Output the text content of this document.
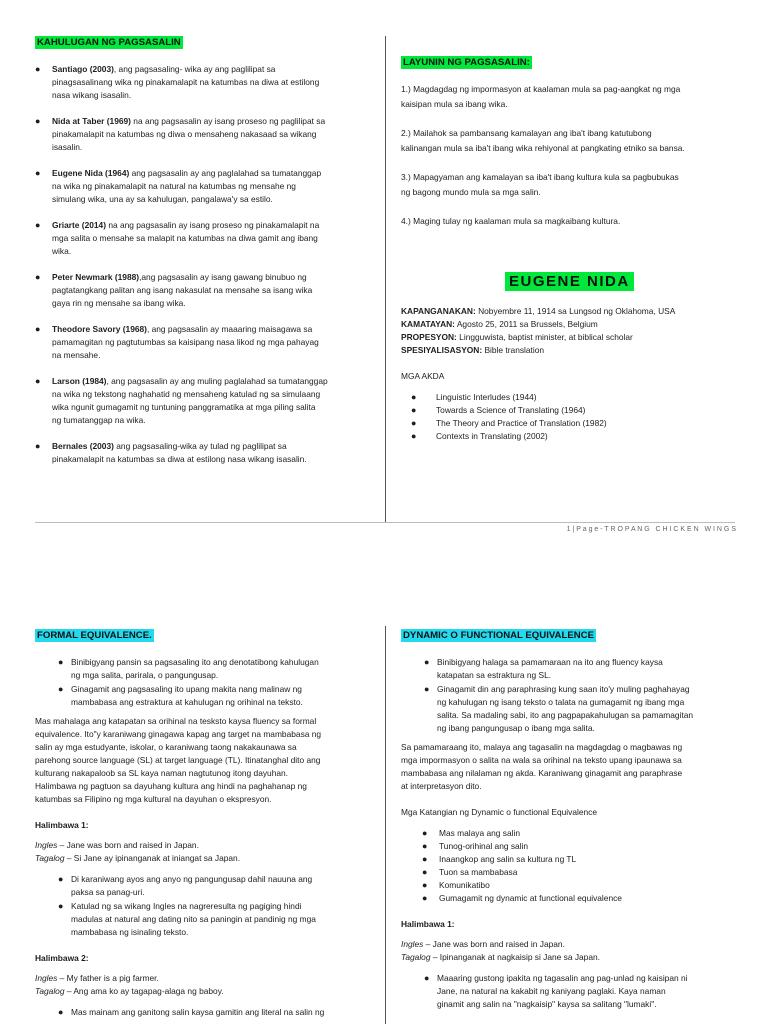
KAHULUGAN NG PAGSASALIN
● Santiago (2003), ang pagsasaling- wika ay ang paglilipat sa
pinagsasalinang wika ng pinakamalapit na katumbas na diwa at estilong
nasa wikang isasalin.
● Nida at Taber (1969) na ang pagsasalin ay isang proseso ng paglilipat sa
pinakamalapit na katumbas ng diwa o mensaheng nakasaad sa wikang
isasalin.
● Eugene Nida (1964) ang pagsasalin ay ang paglalahad sa tumatanggap
na wika ng pinakamalapit na natural na katumbas ng mensahe ng
simulang wika, una ay sa kahulugan, pangalawa'y sa estilo.
● Griarte (2014) na ang pagsasalin ay isang proseso ng pinakamalapit na
mga salita o mensahe sa malapit na katumbas na diwa gamit ang ibang
wika.
● Peter Newmark (1988),ang pagsasalin ay isang gawang binubuo ng
pagtatangkang palitan ang isang nakasulat na mensahe sa isang wika
gaya rin ng mensahe sa ibang wika.
● Theodore Savory (1968), ang pagsasalin ay maaaring maisagawa sa
pamamagitan ng pagtutumbas sa kaisipang nasa likod ng mga pahayag
na mensahe.
● Larson (1984), ang pagsasalin ay ang muling paglalahad sa tumatanggap
na wika ng tekstong naghahatid ng mensaheng katulad ng sa simulaang
wika ngunit gumagamit ng tuntuning panggramatika at mga piling salita
ng tumatanggap na wika.
● Bernales (2003) ang pagsasaling-wika ay tulad ng paglilipat sa
pinakamalapit na katumbas sa diwa at estilong nasa wikang isasalin.
LAYUNIN NG PAGSASALIN:
1.) Magdagdag ng impormasyon at kaalaman mula sa pag-aangkat ng mga
kaisipan mula sa ibang wika.
2.) Mailahok sa pambansang kamalayan ang iba't ibang katutubong
kalinangan mula sa iba't ibang wika rehiyonal at pangkating etniko sa bansa.
3.) Mapagyaman ang kamalayan sa iba't ibang kultura kula sa pagbubukas
ng bagong mundo mula sa mga salin.
4.) Maging tulay ng kaalaman mula sa magkaibang kultura.
EUGENE NIDA
KAPANGANAKAN: Nobyembre 11, 1914 sa Lungsod ng Oklahoma, USA
KAMATAYAN: Agosto 25, 2011 sa Brussels, Belgium
PROPESYON: Lingguwista, baptist minister, at biblical scholar
SPESIYALISASYON: Bible translation
MGA AKDA
● Linguistic Interludes (1944)
● Towards a Science of Translating (1964)
● The Theory and Practice of Translation (1982)
● Contexts in Translating (2002)
1 | P a g e - T R O P A N G   C H I C K E N   W I N G S
FORMAL EQUIVALENCE.
● Binibigyang pansin sa pagsasaling ito ang denotatibong kahulugan
ng mga salita, parirala, o pangungusap.
● Ginagamit ang pagsasaling ito upang makita nang malinaw ng
mambabasa ang estraktura at kahulugan ng orihinal na teksto.
Mas mahalaga ang katapatan sa orihinal na tesksto kaysa fluency sa formal
equivalence. Ito"y karaniwang ginagawa kapag ang target na mambabasa ng
salin ay mga estudyante, iskolar, o karaniwang taong nakakaunawa sa
parehong source language (SL) at target language (TL). Itinatanghal dito ang
kulturang nakapaloob sa SL kaya naman nagtutunog itong dayuhan.
Halimbawa ng pagtuon sa dayuhang kultura ang hindi na paghahanap ng
katumbas sa Filipino ng mga kultural na dayuhan o ekspresyon.
Halimbawa 1:
Ingles – Jane was born and raised in Japan.
Tagalog – Si Jane ay ipinanganak at iniangat sa Japan.
● Di karaniwang ayos ang anyo ng pangungusap dahil nauuna ang
paksa sa panag-uri.
● Katulad ng sa wikang Ingles na nagreresulta ng pagiging hindi
madulas at natural ang dating nito sa paningin at pandinig ng mga
mambabasa ng isinaling teksto.
Halimbawa 2:
Ingles – My father is a pig farmer.
Tagalog – Ang ama ko ay tagapag-alaga ng baboy.
● Mas mainam ang ganitong salin kaysa gamitin ang literal na salin ng
DYNAMIC O FUNCTIONAL EQUIVALENCE
● Binibigyang halaga sa pamamaraan na ito ang fluency kaysa
katapatan sa estraktura ng SL.
● Ginagamit din ang paraphrasing kung saan ito'y muling paghahayag
ng kahulugan ng isang teksto o talata na gumagamit ng ibang mga
salita. Sa madaling sabi, ito ang pagpapakahulugan sa pamamagitan
ng ibang pangungusap o ibang mga salita.
Sa pamamaraang ito, malaya ang tagasalin na magdagdag o magbawas ng
mga impormasyon o salita na wala sa orihinal na teksto upang ipaunawa sa
mambabasa ang nilalaman ng akda. Karaniwang ginagamit ang paraphrase
at interpretasyon dito.
Mga Katangian ng Dynamic o functional Equivalence
● Mas malaya ang salin
● Tunog-orihinal ang salin
● Inaangkop ang salin sa kultura ng TL
● Tuon sa mambabasa
● Komunikatibo
● Gumagamit ng dynamic at functional equivalence
Halimbawa 1:
Ingles – Jane was born and raised in Japan.
Tagalog – Ipinanganak at nagkaisip si Jane sa Japan.
● Maaaring gustong ipakita ng tagasalin ang pag-unlad ng kaisipan ni
Jane, na natural na kakabit ng kaniyang paglaki. Kaya naman
ginamit ang salin na "nagkaisip" kaysa sa salitang "lumaki".
